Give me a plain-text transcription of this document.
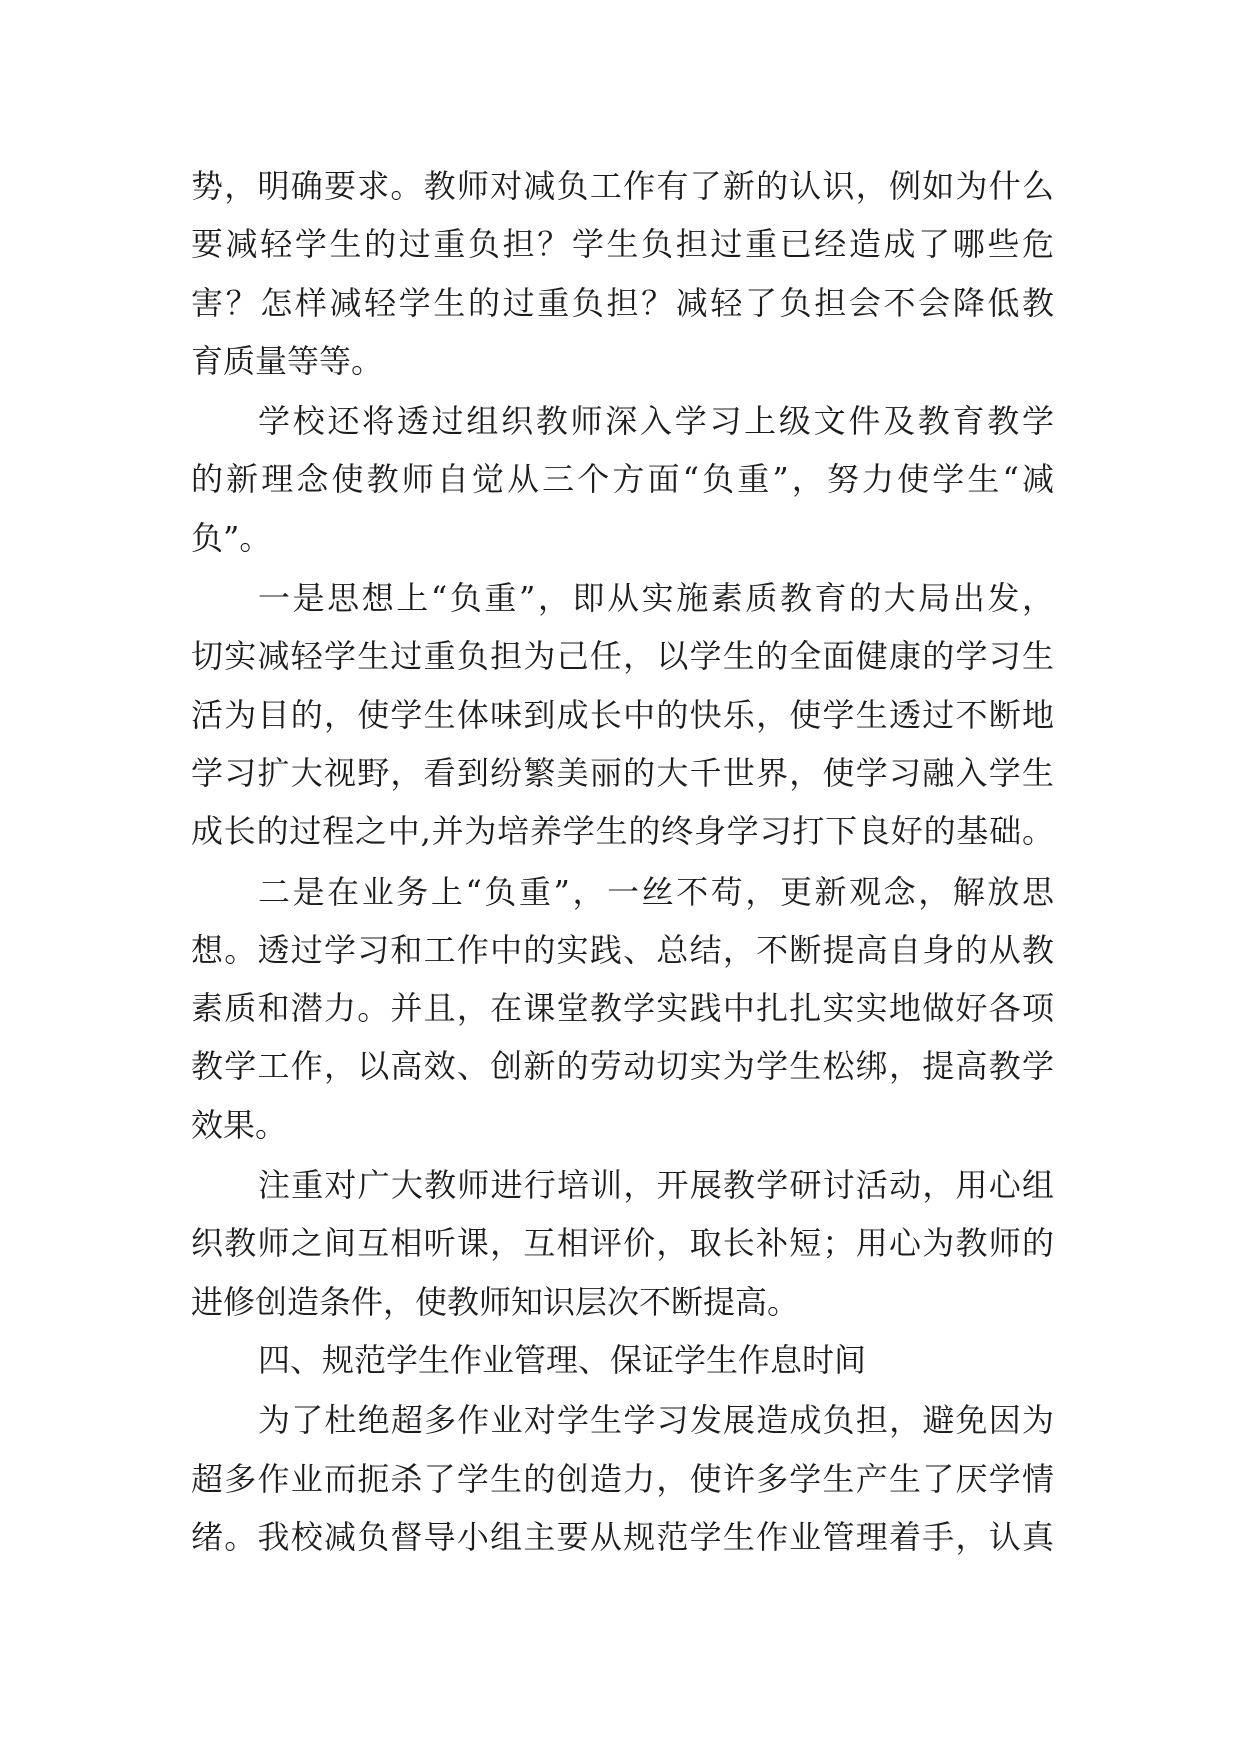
势，明确要求。教师对减负工作有了新的认识，例如为什么
要减轻学生的过重负担？学生负担过重已经造成了哪些危
害？怎样减轻学生的过重负担？减轻了负担会不会降低教
育质量等等。
学校还将透过组织教师深入学习上级文件及教育教学
的新理念使教师自觉从三个方面“负重”，努力使学生“减
负”。
一是思想上“负重”，即从实施素质教育的大局出发，
切实减轻学生过重负担为己任，以学生的全面健康的学习生
活为目的，使学生体味到成长中的快乐，使学生透过不断地
学习扩大视野，看到纷繁美丽的大千世界，使学习融入学生
成长的过程之中,并为培养学生的终身学习打下良好的基础。
二是在业务上“负重”，一丝不苟，更新观念，解放思
想。透过学习和工作中的实践、总结，不断提高自身的从教
素质和潜力。并且，在课堂教学实践中扎扎实实地做好各项
教学工作，以高效、创新的劳动切实为学生松绑，提高教学
效果。
注重对广大教师进行培训，开展教学研讨活动，用心组
织教师之间互相听课，互相评价，取长补短；用心为教师的
进修创造条件，使教师知识层次不断提高。
四、规范学生作业管理、保证学生作息时间
为了杜绝超多作业对学生学习发展造成负担，避免因为
超多作业而扼杀了学生的创造力，使许多学生产生了厌学情
绪。我校减负督导小组主要从规范学生作业管理着手，认真
